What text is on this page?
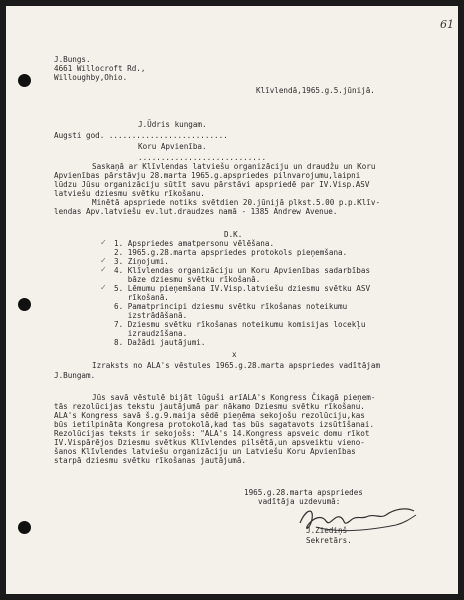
61
J.Bungs.
4661 Willocroft Rd.,
Willoughby,Ohio.
Klīvlendā,1965.g.5.jūnijā.
J.Ūdris kungam.
Augsti god. ..........................
Koru Apvienība.
............................
Saskaņā ar Klīvlendas latviešu organizāciju un draudžu un Koru
Apvienības pārstāvju 28.marta 1965.g.apspriedes pilnvarojumu,laipni
lūdzu Jūsu organizāciju sūtīt savu pārstāvi apspriedē par IV.Visp.ASV
latviešu dziesmu svētku rīkošanu.
Minētā apspriede notiks svētdien 20.jūnijā plkst.5.00 p.p.Klīv-
lendas Apv.latviešu ev.lut.draudzes namā - 1385 Andrew Avenue.
D.K.
1. Apspriedes amatpersonu vēlēšana.
2. 1965.g.28.marta apspriedes protokols pieņemšana.
3. Ziņojumi.
4. Klīvlendas organizāciju un Koru Apvienības sadarbības
bāze dziesmu svētku rīkošanā.
5. Lēmumu pieņemšana IV.Visp.latviešu dziesmu svētku ASV
rīkošanā.
6. Pamatprincipi dziesmu svētku rīkošanas noteikumu
izstrādāšanā.
7. Dziesmu svētku rīkošanas noteikumu komisijas locekļu
izraudzīšana.
8. Dažādi jautājumi.
✓
✓
✓
✓
x
Izraksts no ALA's vēstules 1965.g.28.marta apspriedes vadītājam
J.Bungam.
Jūs savā vēstulē bijāt lūguši arīALA's Kongress Čikagā pieņem-
tās rezolūcijas tekstu jautājumā par nākamo Dziesmu svētku rīkošanu.
ALA's Kongress savā š.g.9.maija sēdē pieņēma sekojošu rezolūciju,kas
būs ietilpināta Kongresa protokolā,kad tas būs sagatavots izsūtīšanai.
Rezolūcijas teksts ir sekojošs: "ALA's 14.Kongress apsveic domu rīkot
IV.Vispārējos Dziesmu svētkus Klīvlendes pilsētā,un apsveiktu vieno-
šanos Klīvlendes latviešu organizāciju un Latviešu Koru Apvienības
starpā dziesmu svētku rīkošanas jautājumā.
1965.g.28.marta apspriedes
vadītāja uzdevumā:
J.Ziediņš
Sekretārs.
